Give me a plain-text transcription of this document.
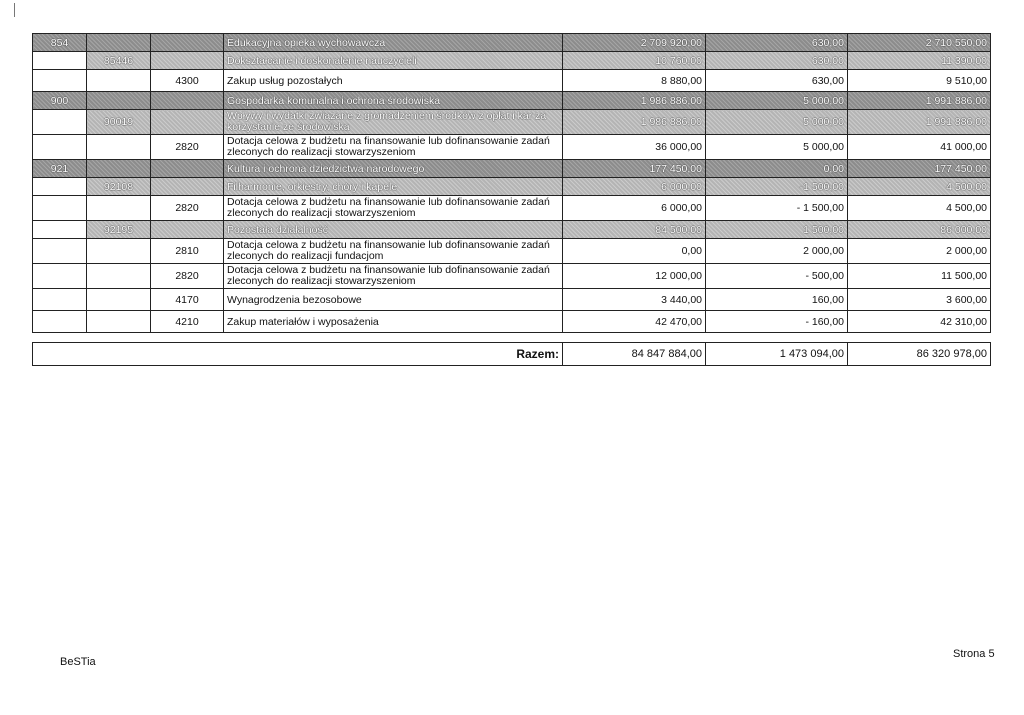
854			Edukacyjna opieka wychowawcza	2 709 920,00	630,00	2 710 550,00
	85446		Dokształcanie i doskonalenie nauczycieli	10 760,00	630,00	11 390,00
		4300	Zakup usług pozostałych	8 880,00	630,00	9 510,00
900			Gospodarka komunalna i ochrona środowiska	1 986 886,00	5 000,00	1 991 886,00
	90019		Wpływy i wydatki związane z gromadzeniem środków z opłat i kar za korzystanie ze środowiska	1 986 886,00	5 000,00	1 991 886,00
		2820	Dotacja celowa z budżetu na finansowanie lub dofinansowanie zadań zleconych do realizacji stowarzyszeniom	36 000,00	5 000,00	41 000,00
921			Kultura i ochrona dziedzictwa narodowego	177 450,00	0,00	177 450,00
	92108		Filharmonie, orkiestry, chóry i kapele	6 000,00	-1 500,00	4 500,00
		2820	Dotacja celowa z budżetu na finansowanie lub dofinansowanie zadań zleconych do realizacji stowarzyszeniom	6 000,00	- 1 500,00	4 500,00
	92195		Pozostała działalność	84 500,00	1 500,00	86 000,00
		2810	Dotacja celowa z budżetu na finansowanie lub dofinansowanie zadań zleconych do realizacji fundacjom	0,00	2 000,00	2 000,00
		2820	Dotacja celowa z budżetu na finansowanie lub dofinansowanie zadań zleconych do realizacji stowarzyszeniom	12 000,00	- 500,00	11 500,00
		4170	Wynagrodzenia bezosobowe	3 440,00	160,00	3 600,00
		4210	Zakup materiałów i wyposażenia	42 470,00	- 160,00	42 310,00
Razem:	84 847 884,00	1 473 094,00	86 320 978,00
BeSTia
Strona 5
